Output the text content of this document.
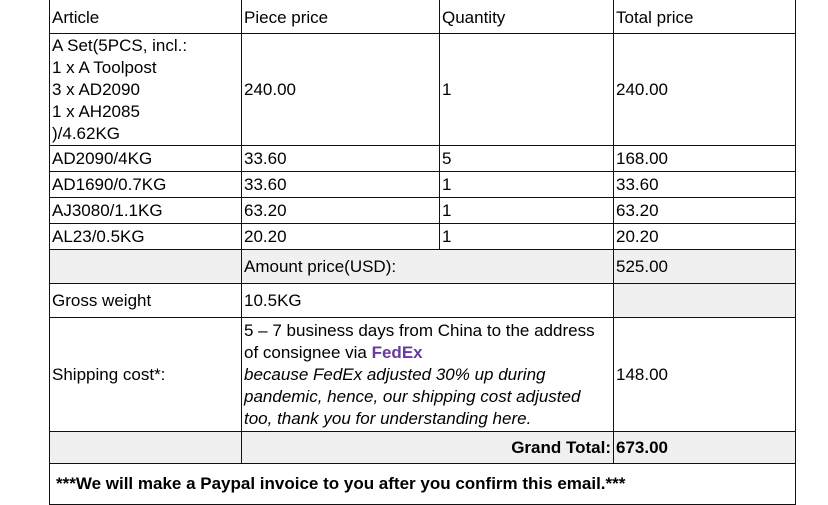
Article	Piece price	Quantity	Total price

A Set(5PCS, incl.:
1 x A Toolpost
3 x AD2090
1 x AH2085
)/4.62KG	240.00	1	240.00
AD2090/4KG	33.60	5	168.00
AD1690/0.7KG	33.60	1	33.60
AJ3080/1.1KG	63.20	1	63.20
AL23/0.5KG	20.20	1	20.20
	Amount price(USD):		525.00
Gross weight	10.5KG		
Shipping cost*:	5 – 7 business days from China to the address
of consignee via FedEx
because FedEx adjusted 30% up during
pandemic, hence, our shipping cost adjusted
too, thank you for understanding here.		148.00
	Grand Total:		673.00
***We will make a Paypal invoice to you after you confirm this email.***			
